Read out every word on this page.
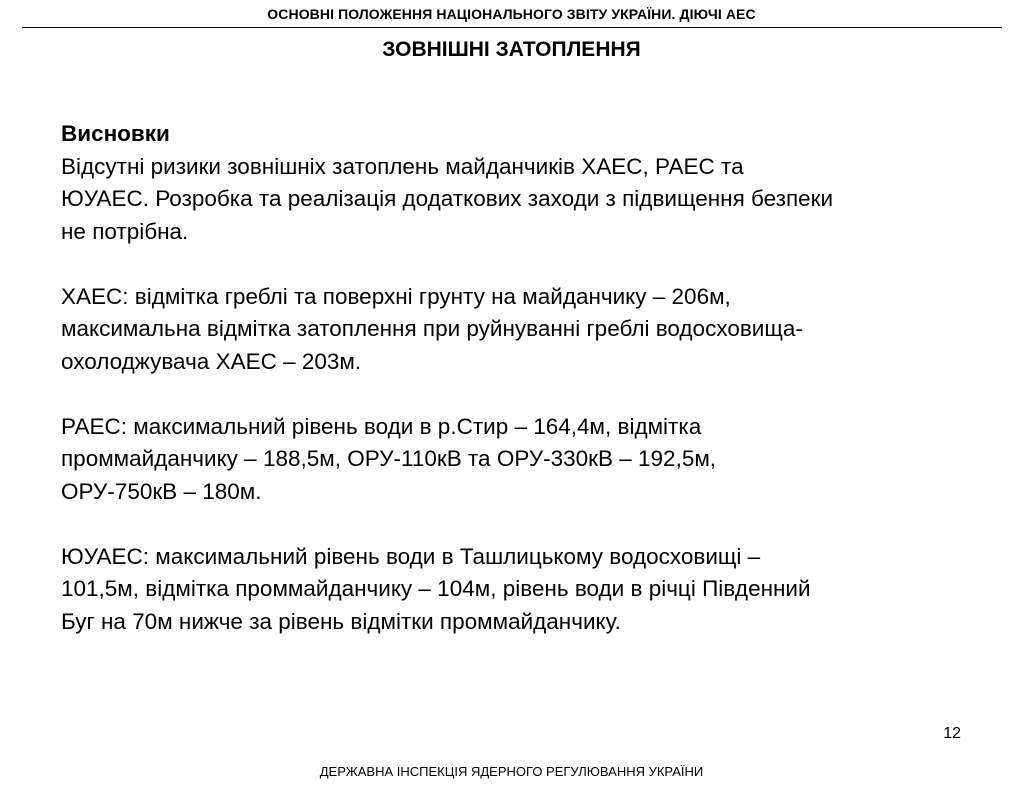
ОСНОВНІ ПОЛОЖЕННЯ НАЦІОНАЛЬНОГО ЗВІТУ УКРАЇНИ. ДІЮЧІ АЕС
ЗОВНІШНІ ЗАТОПЛЕННЯ
Висновки
Відсутні ризики зовнішніх затоплень майданчиків ХАЕС, РАЕС та
ЮУАЕС. Розробка та реалізація додаткових заходи з підвищення безпеки
не потрібна.
ХАЕС: відмітка греблі та поверхні грунту на майданчику – 206м,
максимальна відмітка затоплення при руйнуванні греблі водосховища-
охолоджувача ХАЕС – 203м.
РАЕС: максимальний рівень води в р.Стир – 164,4м, відмітка
проммайданчику – 188,5м, ОРУ-110кВ та ОРУ-330кВ – 192,5м,
ОРУ-750кВ – 180м.
ЮУАЕС: максимальний рівень води в Ташлицькому водосховищі –
101,5м, відмітка проммайданчику – 104м, рівень води в річці Південний
Буг на 70м нижче за рівень відмітки проммайданчику.
12
ДЕРЖАВНА ІНСПЕКЦІЯ ЯДЕРНОГО РЕГУЛЮВАННЯ УКРАЇНИ
